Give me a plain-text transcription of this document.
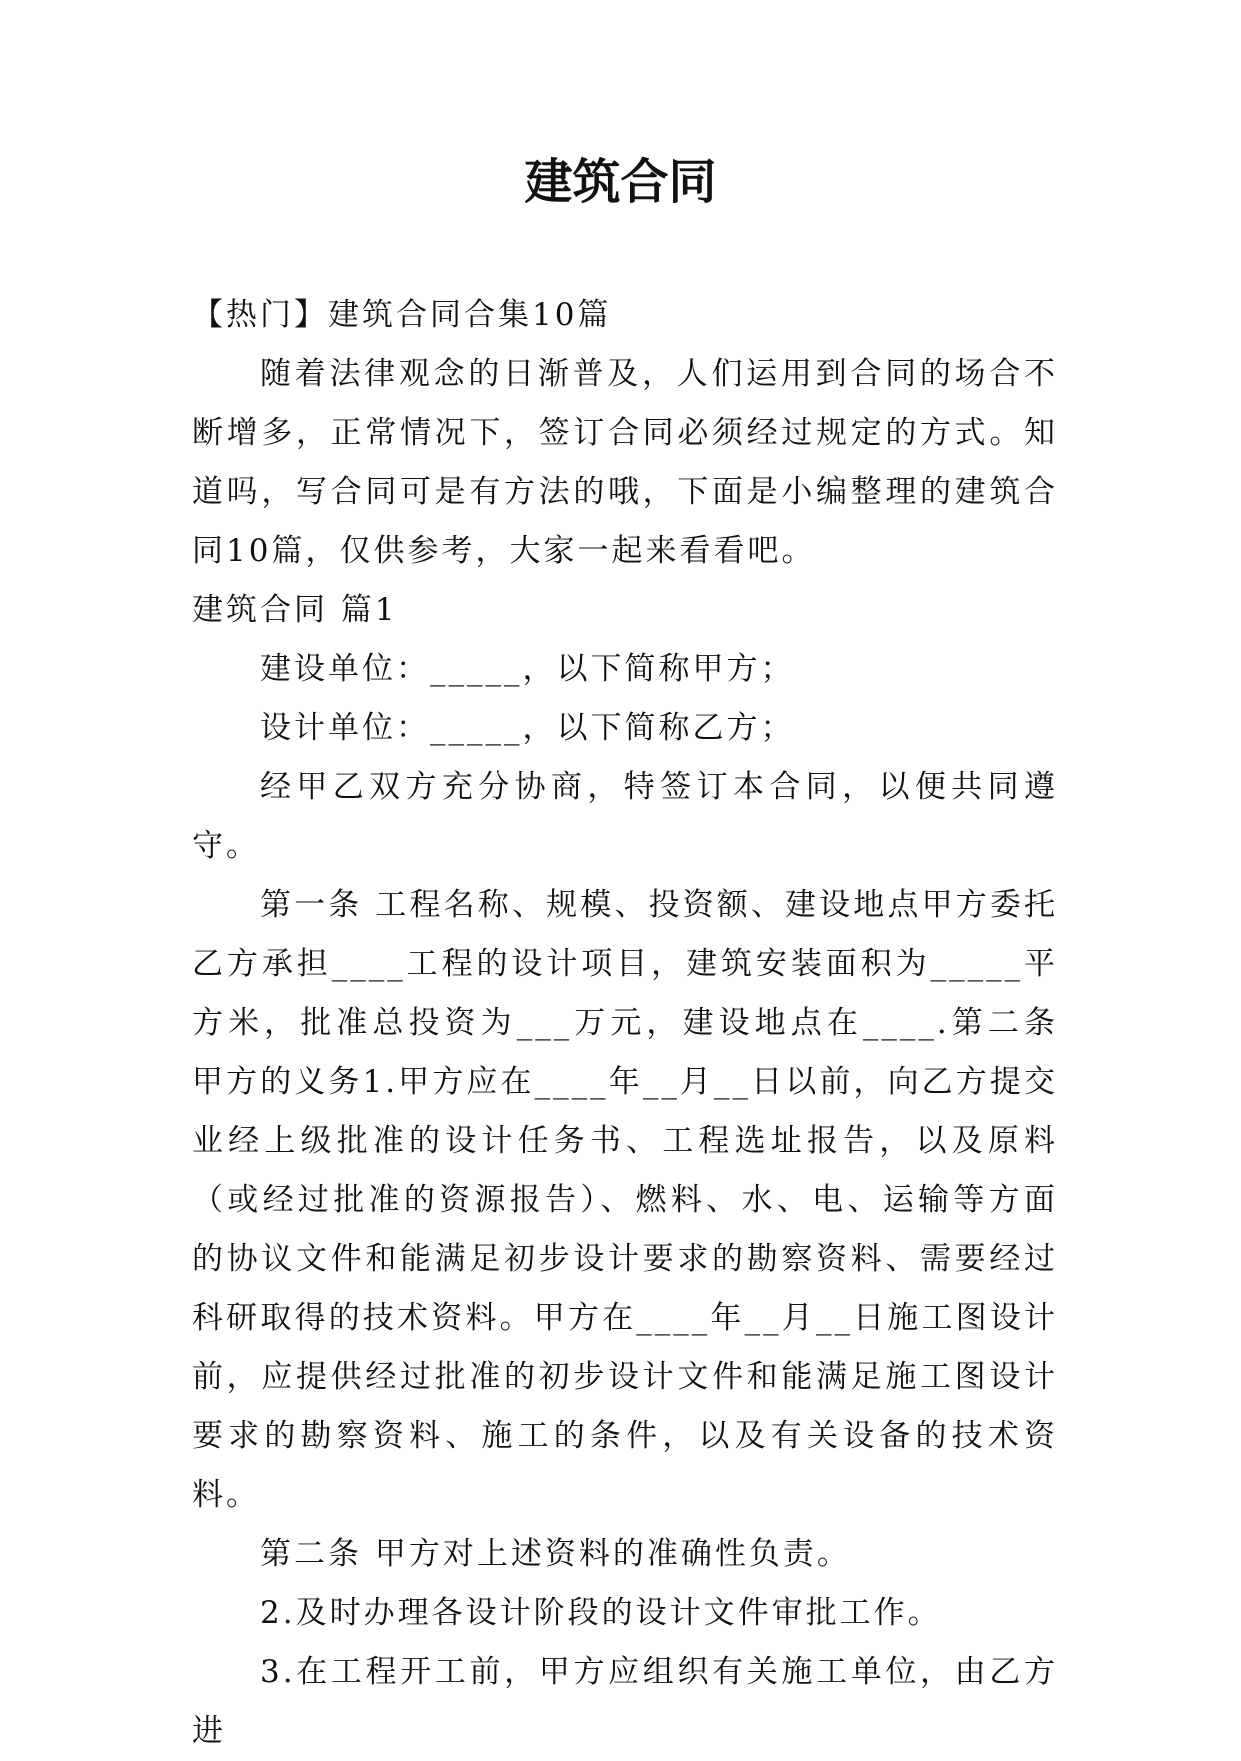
建筑合同

【热门】建筑合同合集10篇

随着法律观念的日渐普及，人们运用到合同的场合不断增多，正常情况下，签订合同必须经过规定的方式。知道吗，写合同可是有方法的哦，下面是小编整理的建筑合同10篇，仅供参考，大家一起来看看吧。

建筑合同 篇1

建设单位：_____，以下简称甲方；

设计单位：_____，以下简称乙方；

经甲乙双方充分协商，特签订本合同，以便共同遵守。

第一条 工程名称、规模、投资额、建设地点甲方委托乙方承担____工程的设计项目，建筑安装面积为_____平方米，批准总投资为___万元，建设地点在____.第二条 甲方的义务1.甲方应在____年__月__日以前，向乙方提交业经上级批准的设计任务书、工程选址报告，以及原料（或经过批准的资源报告）、燃料、水、电、运输等方面的协议文件和能满足初步设计要求的勘察资料、需要经过科研取得的技术资料。甲方在____年__月__日施工图设计前，应提供经过批准的初步设计文件和能满足施工图设计要求的勘察资料、施工的条件，以及有关设备的技术资料。

第二条 甲方对上述资料的准确性负责。

2.及时办理各设计阶段的设计文件审批工作。

3.在工程开工前，甲方应组织有关施工单位，由乙方进
